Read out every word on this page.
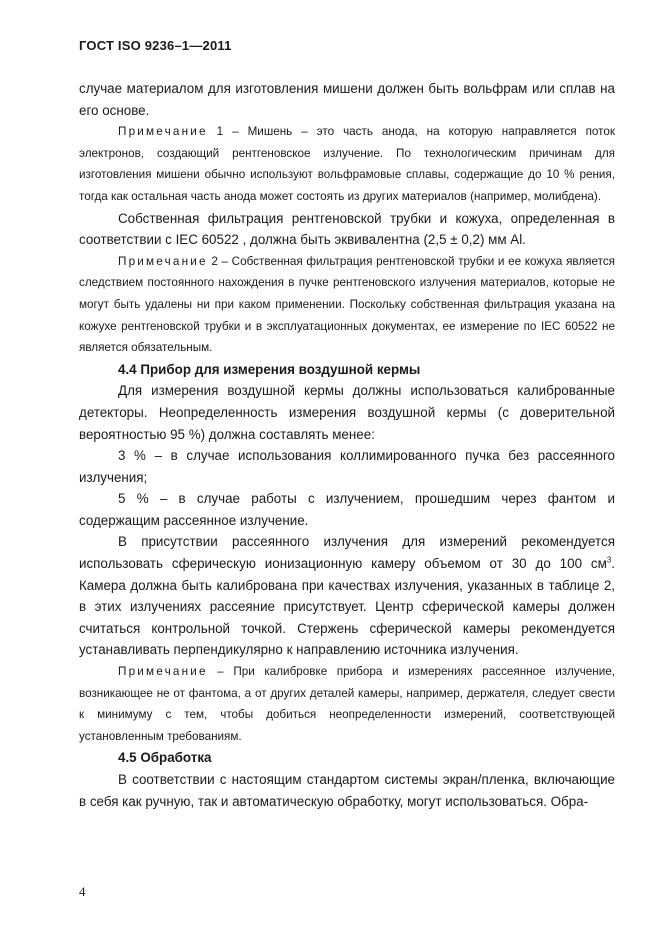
ГОСТ ISO 9236–1—2011

случае материалом для изготовления мишени должен быть вольфрам или сплав на его основе.

Примечание 1 – Мишень – это часть анода, на которую направляется поток электронов, создающий рентгеновское излучение. По технологическим причинам для изготовления мишени обычно используют вольфрамовые сплавы, содержащие до 10 % рения, тогда как остальная часть анода может состоять из других материалов (например, молибдена).

Собственная фильтрация рентгеновской трубки и кожуха, определенная в соответствии с IEC 60522 , должна быть эквивалентна (2,5 ± 0,2) мм Al.

Примечание 2 – Собственная фильтрация рентгеновской трубки и ее кожуха является следствием постоянного нахождения в пучке рентгеновского излучения материалов, которые не могут быть удалены ни при каком применении. Поскольку собственная фильтрация указана на кожухе рентгеновской трубки и в эксплуатационных документах, ее измерение по IEC 60522 не является обязательным.

4.4 Прибор для измерения воздушной кермы

Для измерения воздушной кермы должны использоваться калиброванные детекторы. Неопределенность измерения воздушной кермы (с доверительной вероятностью 95 %) должна составлять менее:

3 % – в случае использования коллимированного пучка без рассеянного излучения;

5 % – в случае работы с излучением, прошедшим через фантом и содержащим рассеянное излучение.

В присутствии рассеянного излучения для измерений рекомендуется использовать сферическую ионизационную камеру объемом от 30 до 100 $см^3$. Камера должна быть калибрована при качествах излучения, указанных в таблице 2, в этих излучениях рассеяние присутствует. Центр сферической камеры должен считаться контрольной точкой. Стержень сферической камеры рекомендуется устанавливать перпендикулярно к направлению источника излучения.

Примечание – При калибровке прибора и измерениях рассеянное излучение, возникающее не от фантома, а от других деталей камеры, например, держателя, следует свести к минимуму с тем, чтобы добиться неопределенности измерений, соответствующей установленным требованиям.

4.5 Обработка

В соответствии с настоящим стандартом системы экран/пленка, включающие в себя как ручную, так и автоматическую обработку, могут использоваться. Обра-

4
